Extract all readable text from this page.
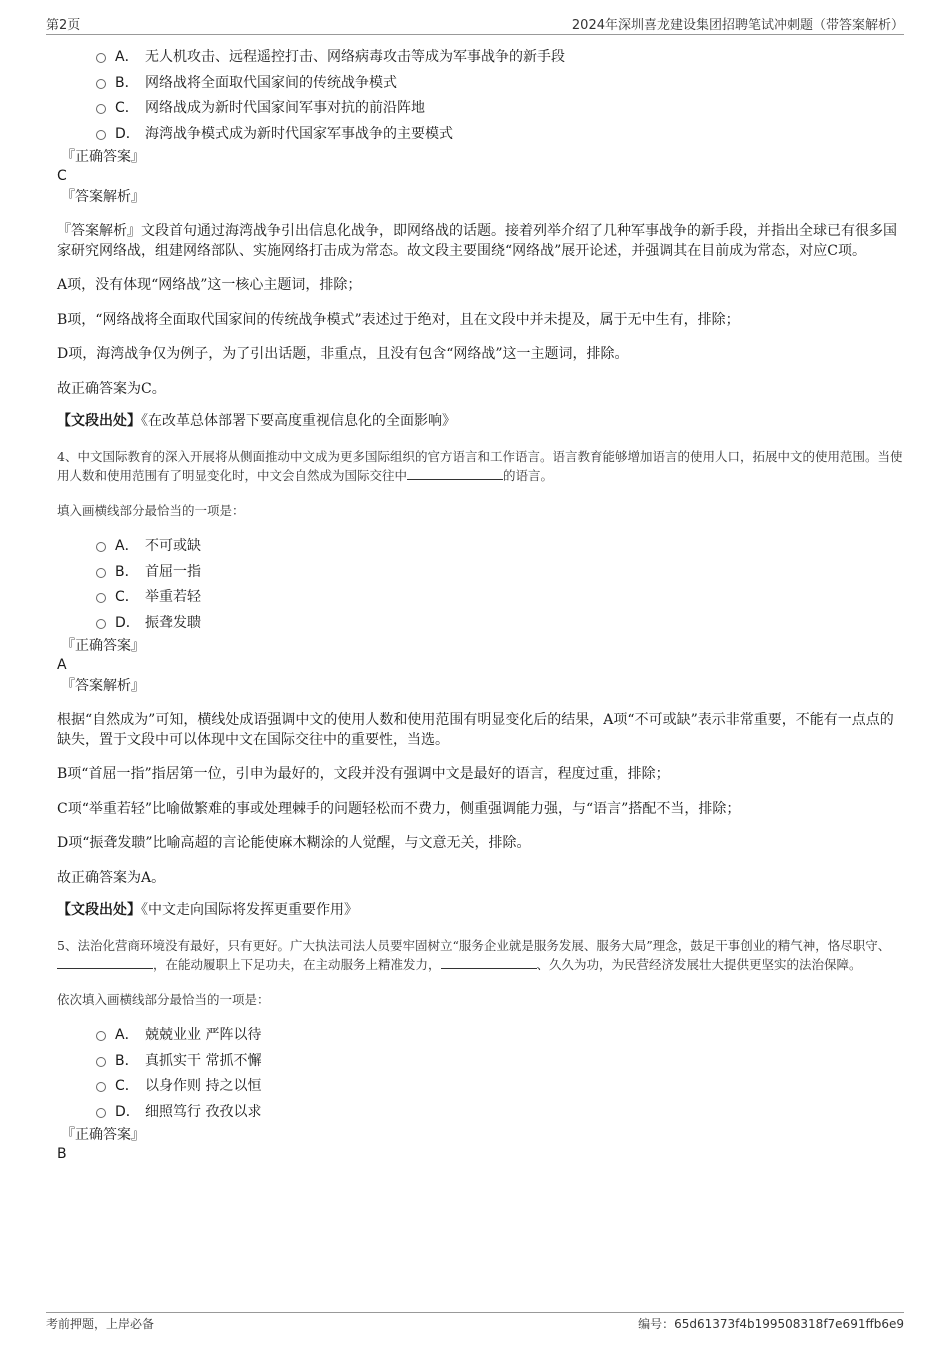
第2页	2024年深圳喜龙建设集团招聘笔试冲刺题（带答案解析）
A． 无人机攻击、远程遥控打击、网络病毒攻击等成为军事战争的新手段
B． 网络战将全面取代国家间的传统战争模式
C． 网络战成为新时代国家间军事对抗的前沿阵地
D． 海湾战争模式成为新时代国家军事战争的主要模式
『正确答案』
C
『答案解析』

『答案解析』文段首句通过海湾战争引出信息化战争，即网络战的话题。接着列举介绍了几种军事战争的新手段，并指出全球已有很多国家研究网络战，组建网络部队、实施网络打击成为常态。故文段主要围绕“网络战”展开论述，并强调其在目前成为常态，对应C项。

A项，没有体现“网络战”这一核心主题词，排除；

B项，“网络战将全面取代国家间的传统战争模式”表述过于绝对，且在文段中并未提及，属于无中生有，排除；

D项，海湾战争仅为例子，为了引出话题，非重点，且没有包含“网络战”这一主题词，排除。

故正确答案为C。

【文段出处】《在改革总体部署下要高度重视信息化的全面影响》

4、中文国际教育的深入开展将从侧面推动中文成为更多国际组织的官方语言和工作语言。语言教育能够增加语言的使用人口，拓展中文的使用范围。当使用人数和使用范围有了明显变化时，中文会自然成为国际交往中	的语言。

填入画横线部分最恰当的一项是：

A． 不可或缺
B． 首屈一指
C． 举重若轻
D． 振聋发聩
『正确答案』
A
『答案解析』

根据“自然成为”可知，横线处成语强调中文的使用人数和使用范围有明显变化后的结果，A项“不可或缺”表示非常重要，不能有一点点的缺失，置于文段中可以体现中文在国际交往中的重要性，当选。

B项“首屈一指”指居第一位，引申为最好的，文段并没有强调中文是最好的语言，程度过重，排除；

C项“举重若轻”比喻做繁难的事或处理棘手的问题轻松而不费力，侧重强调能力强，与“语言”搭配不当，排除；

D项“振聋发聩”比喻高超的言论能使麻木糊涂的人觉醒，与文意无关，排除。

故正确答案为A。

【文段出处】《中文走向国际将发挥更重要作用》

5、法治化营商环境没有最好，只有更好。广大执法司法人员要牢固树立“服务企业就是服务发展、服务大局”理念，鼓足干事创业的精气神，恪尽职守、，在能动履职上下足功夫，在主动服务上精准发力，	、久久为功，为民营经济发展壮大提供更坚实的法治保障。

依次填入画横线部分最恰当的一项是：

A． 兢兢业业 严阵以待
B． 真抓实干 常抓不懈
C． 以身作则 持之以恒
D． 细照笃行 孜孜以求
『正确答案』
B
考前押题，上岸必备	编号：65d61373f4b199508318f7e691ffb6e9
